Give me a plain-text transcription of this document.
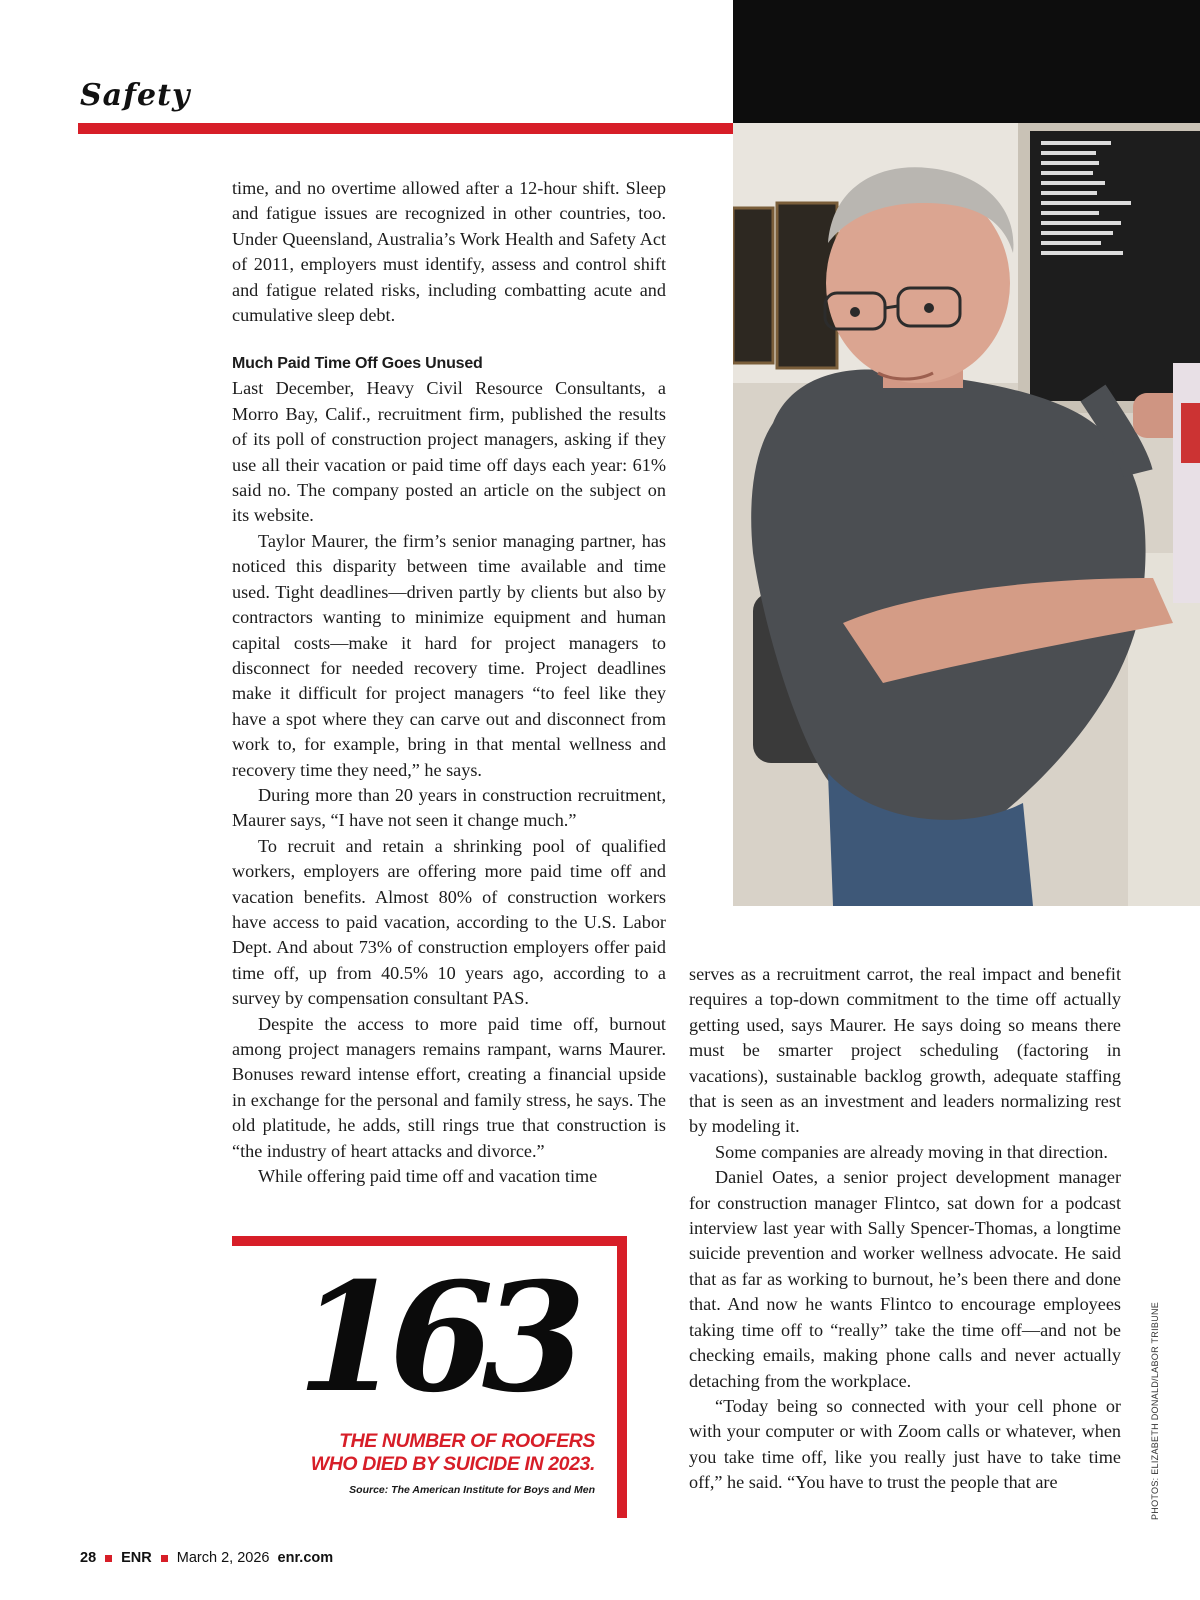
Safety

time, and no overtime allowed after a 12-hour shift. Sleep and fatigue issues are recognized in other countries, too. Under Queensland, Australia’s Work Health and Safety Act of 2011, employers must identify, assess and control shift and fatigue related risks, including combatting acute and cumulative sleep debt.

Much Paid Time Off Goes Unused

Last December, Heavy Civil Resource Consultants, a Morro Bay, Calif., recruitment firm, published the results of its poll of construction project managers, asking if they use all their vacation or paid time off days each year: 61% said no. The company posted an article on the subject on its website.

Taylor Maurer, the firm’s senior managing partner, has noticed this disparity between time available and time used. Tight deadlines—driven partly by clients but also by contractors wanting to minimize equipment and human capital costs—make it hard for project managers to disconnect for needed recovery time. Project deadlines make it difficult for project managers “to feel like they have a spot where they can carve out and disconnect from work to, for example, bring in that mental wellness and recovery time they need,” he says.

During more than 20 years in construction recruitment, Maurer says, “I have not seen it change much.”

To recruit and retain a shrinking pool of qualified workers, employers are offering more paid time off and vacation benefits. Almost 80% of construction workers have access to paid vacation, according to the U.S. Labor Dept. And about 73% of construction employers offer paid time off, up from 40.5% 10 years ago, according to a survey by compensation consultant PAS.

Despite the access to more paid time off, burnout among project managers remains rampant, warns Maurer. Bonuses reward intense effort, creating a financial upside in exchange for the personal and family stress, he says. The old platitude, he adds, still rings true that construction is “the industry of heart attacks and divorce.”

While offering paid time off and vacation time

serves as a recruitment carrot, the real impact and benefit requires a top-down commitment to the time off actually getting used, says Maurer. He says doing so means there must be smarter project scheduling (factoring in vacations), sustainable backlog growth, adequate staffing that is seen as an investment and leaders normalizing rest by modeling it.

Some companies are already moving in that direction.

Daniel Oates, a senior project development manager for construction manager Flintco, sat down for a podcast interview last year with Sally Spencer-Thomas, a longtime suicide prevention and worker wellness advocate. He said that as far as working to burnout, he’s been there and done that. And now he wants Flintco to encourage employees taking time off to “really” take the time off—and not be checking emails, making phone calls and never actually detaching from the workplace.

“Today being so connected with your cell phone or with your computer or with Zoom calls or whatever, when you take time off, like you really just have to take time off,” he said. “You have to trust the people that are

163
THE NUMBER OF ROOFERS
WHO DIED BY SUICIDE IN 2023.
Source: The American Institute for Boys and Men	PHOTOS: ELIZABETH DONALD/LABOR TRIBUNE
28 ENR March 2, 2026 enr.com
